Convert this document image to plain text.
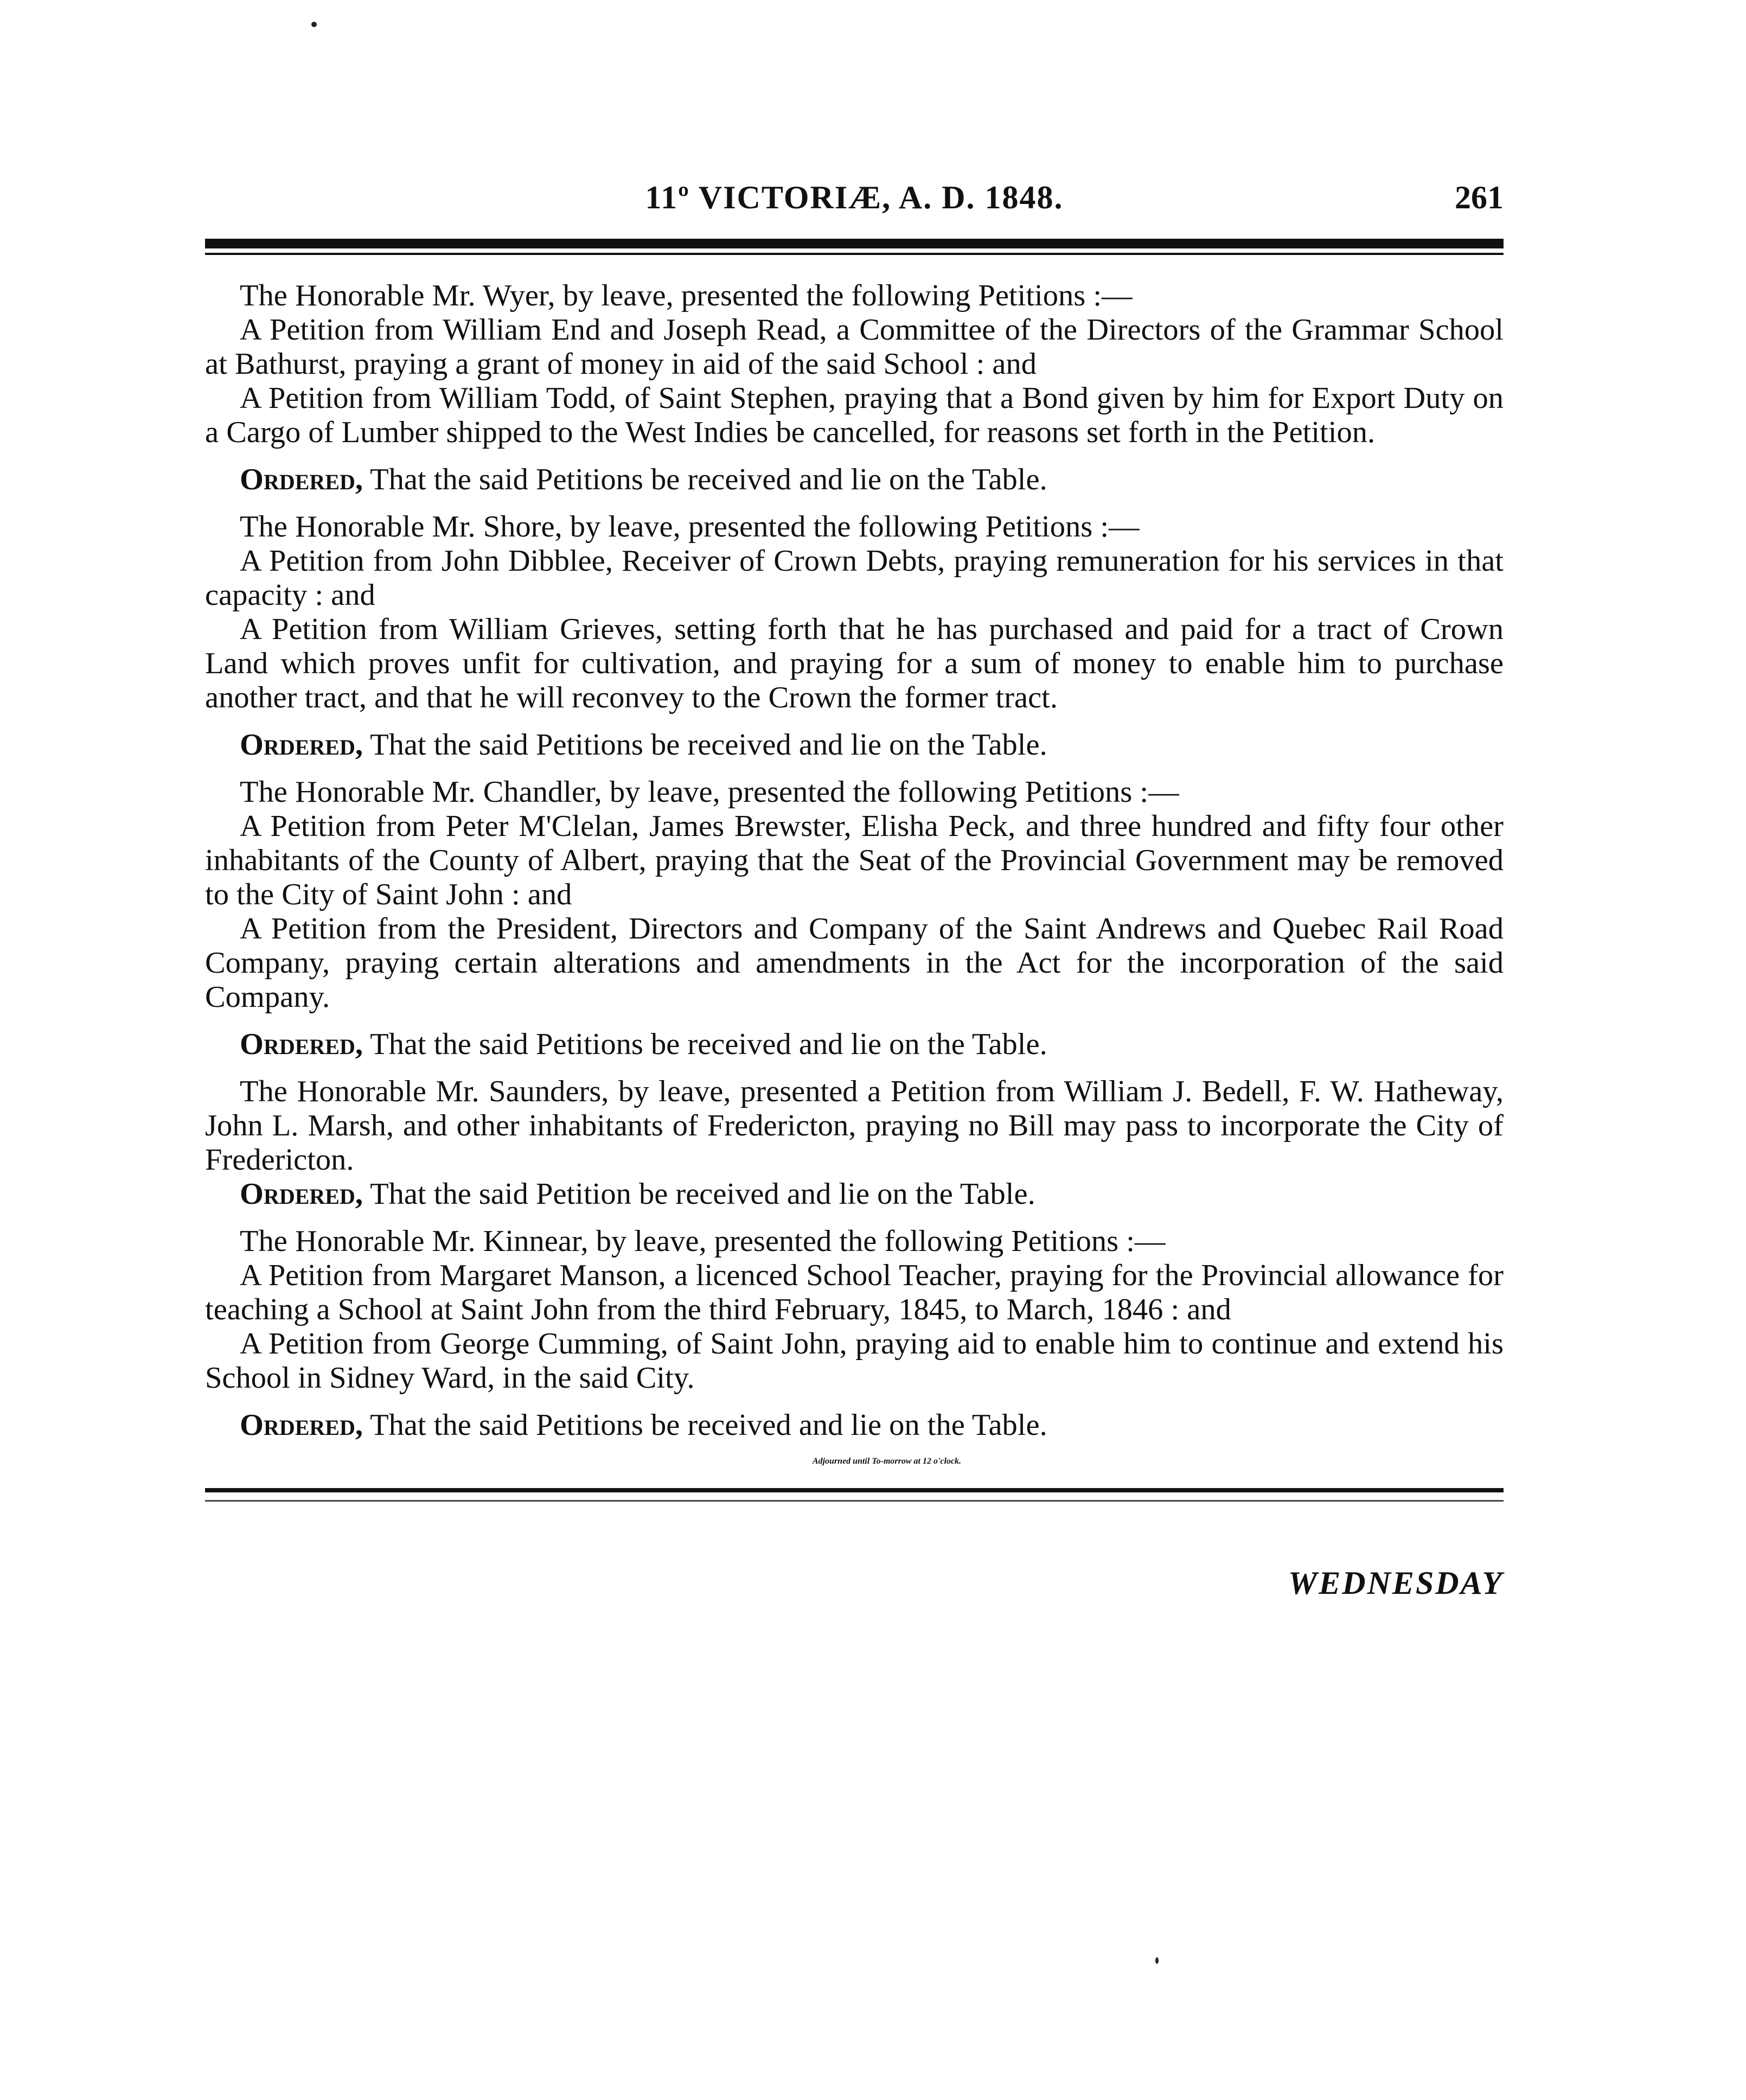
11º VICTORIÆ, A. D. 1848.	261

The Honorable Mr. Wyer, by leave, presented the following Petitions :—

A Petition from William End and Joseph Read, a Committee of the Directors of the Grammar School at Bathurst, praying a grant of money in aid of the said School : and

A Petition from William Todd, of Saint Stephen, praying that a Bond given by him for Export Duty on a Cargo of Lumber shipped to the West Indies be cancelled, for reasons set forth in the Petition.

Ordered, That the said Petitions be received and lie on the Table.

The Honorable Mr. Shore, by leave, presented the following Petitions :—

A Petition from John Dibblee, Receiver of Crown Debts, praying remuneration for his services in that capacity : and

A Petition from William Grieves, setting forth that he has purchased and paid for a tract of Crown Land which proves unfit for cultivation, and praying for a sum of money to enable him to purchase another tract, and that he will reconvey to the Crown the former tract.

Ordered, That the said Petitions be received and lie on the Table.

The Honorable Mr. Chandler, by leave, presented the following Petitions :—

A Petition from Peter M'Clelan, James Brewster, Elisha Peck, and three hundred and fifty four other inhabitants of the County of Albert, praying that the Seat of the Provincial Government may be removed to the City of Saint John : and

A Petition from the President, Directors and Company of the Saint Andrews and Quebec Rail Road Company, praying certain alterations and amendments in the Act for the incorporation of the said Company.

Ordered, That the said Petitions be received and lie on the Table.

The Honorable Mr. Saunders, by leave, presented a Petition from William J. Bedell, F. W. Hatheway, John L. Marsh, and other inhabitants of Fredericton, praying no Bill may pass to incorporate the City of Fredericton.

Ordered, That the said Petition be received and lie on the Table.

The Honorable Mr. Kinnear, by leave, presented the following Petitions :—

A Petition from Margaret Manson, a licenced School Teacher, praying for the Provincial allowance for teaching a School at Saint John from the third February, 1845, to March, 1846 : and

A Petition from George Cumming, of Saint John, praying aid to enable him to continue and extend his School in Sidney Ward, in the said City.

Ordered, That the said Petitions be received and lie on the Table.

Adjourned until To-morrow at 12 o'clock.

WEDNESDAY
